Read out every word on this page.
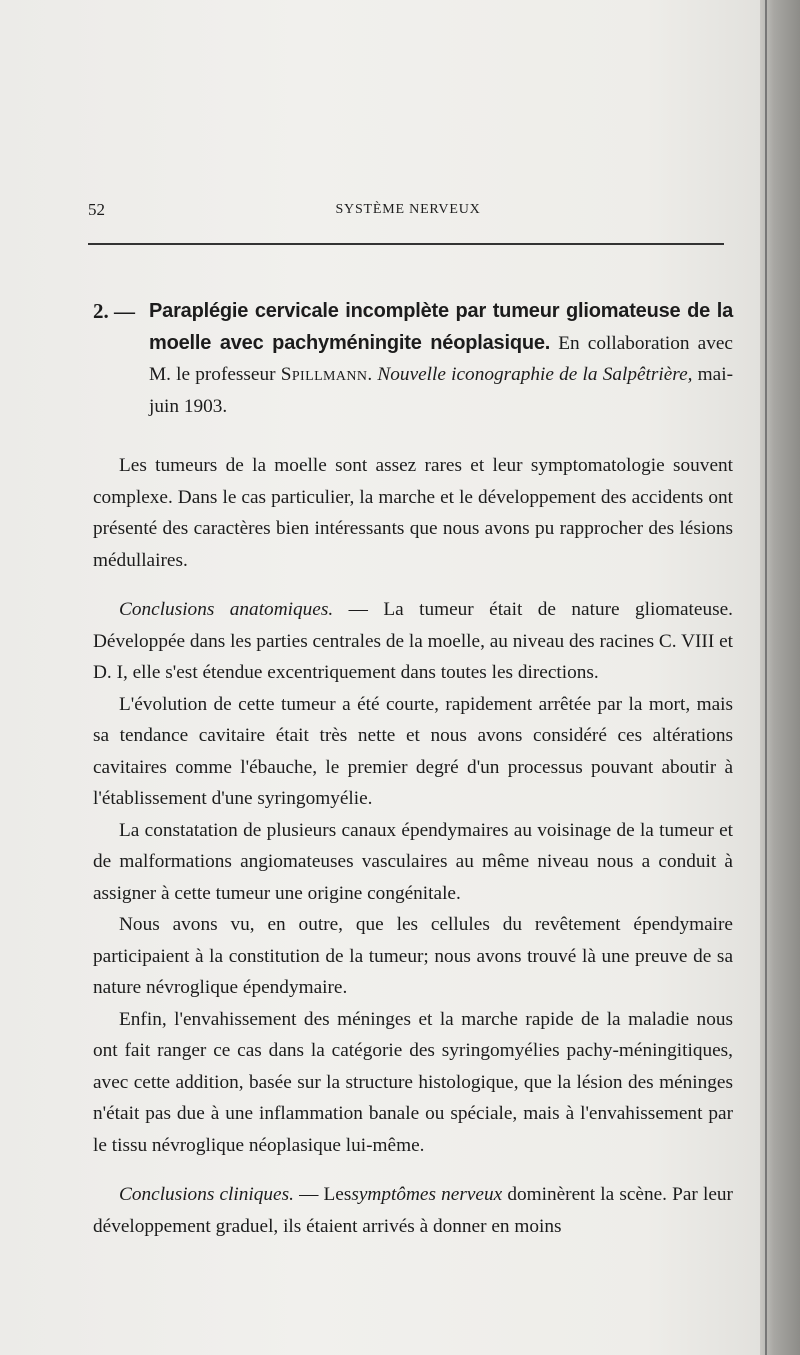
52	SYSTÈME NERVEUX
2. — Paraplégie cervicale incomplète par tumeur gliomateuse de la moelle avec pachyméningite néoplasique. En collaboration avec M. le professeur Spillmann. Nouvelle iconographie de la Salpêtrière, mai-juin 1903.

Les tumeurs de la moelle sont assez rares et leur symptomatologie souvent complexe. Dans le cas particulier, la marche et le développement des accidents ont présenté des caractères bien intéressants que nous avons pu rapprocher des lésions médullaires.

Conclusions anatomiques. — La tumeur était de nature gliomateuse. Développée dans les parties centrales de la moelle, au niveau des racines C. VIII et D. I, elle s'est étendue excentriquement dans toutes les directions.

L'évolution de cette tumeur a été courte, rapidement arrêtée par la mort, mais sa tendance cavitaire était très nette et nous avons considéré ces altérations cavitaires comme l'ébauche, le premier degré d'un processus pouvant aboutir à l'établissement d'une syringomyélie.

La constatation de plusieurs canaux épendymaires au voisinage de la tumeur et de malformations angiomateuses vasculaires au même niveau nous a conduit à assigner à cette tumeur une origine congénitale.

Nous avons vu, en outre, que les cellules du revêtement épendymaire participaient à la constitution de la tumeur; nous avons trouvé là une preuve de sa nature névroglique épendymaire.

Enfin, l'envahissement des méninges et la marche rapide de la maladie nous ont fait ranger ce cas dans la catégorie des syringomyélies pachy-méningitiques, avec cette addition, basée sur la structure histologique, que la lésion des méninges n'était pas due à une inflammation banale ou spéciale, mais à l'envahissement par le tissu névroglique néoplasique lui-même.

Conclusions cliniques. — Lessymptômes nerveux dominèrent la scène. Par leur développement graduel, ils étaient arrivés à donner en moins
